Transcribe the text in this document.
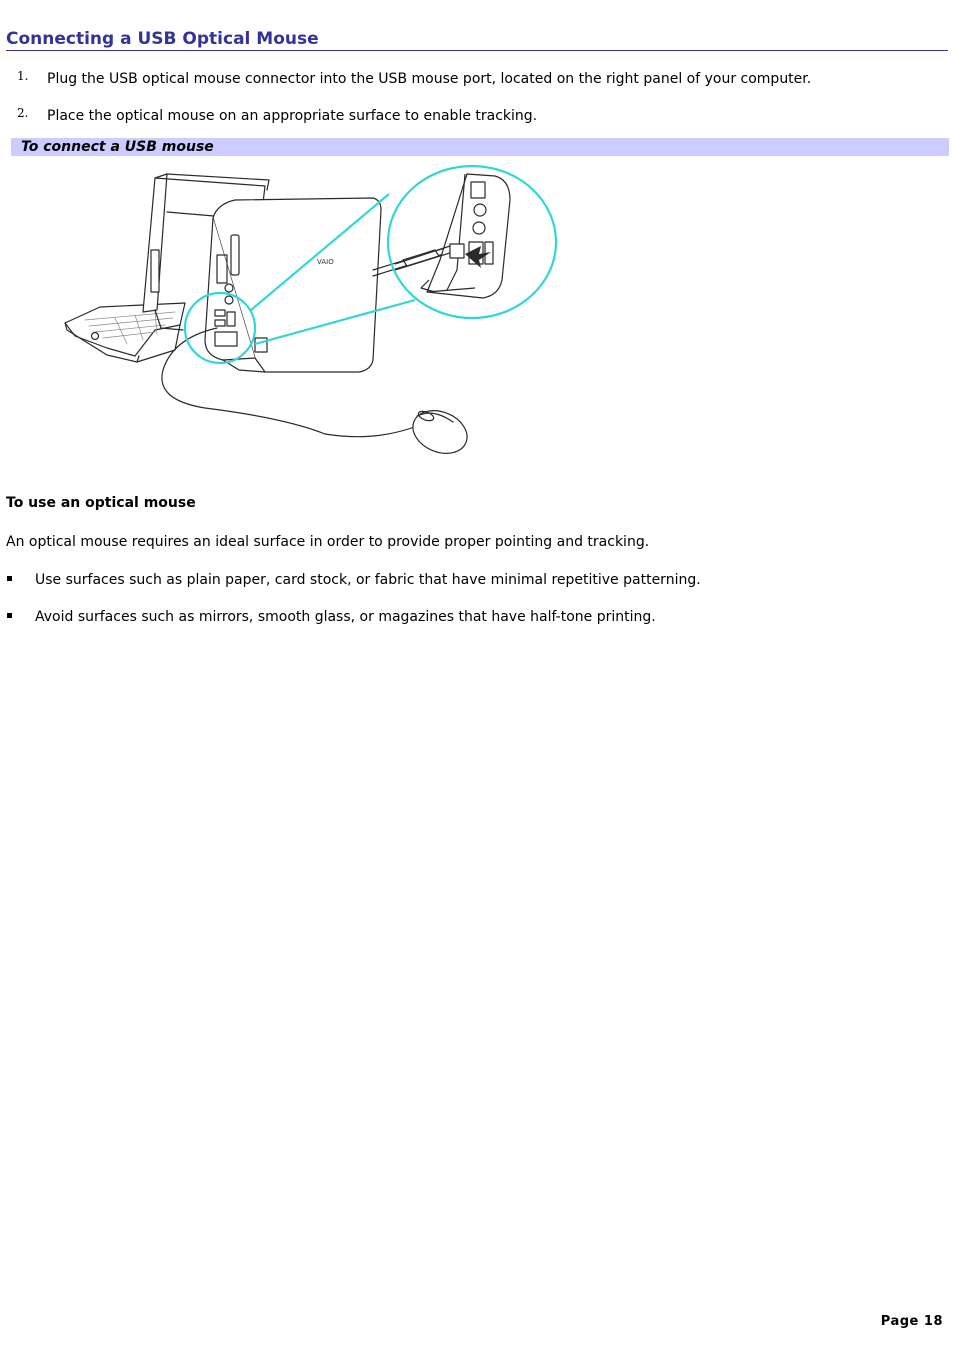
Connecting a USB Optical Mouse
1. Plug the USB optical mouse connector into the USB mouse port, located on the right panel of your computer.
2. Place the optical mouse on an appropriate surface to enable tracking.
To connect a USB mouse
VAIO
To use an optical mouse
An optical mouse requires an ideal surface in order to provide proper pointing and tracking.
Use surfaces such as plain paper, card stock, or fabric that have minimal repetitive patterning.
Avoid surfaces such as mirrors, smooth glass, or magazines that have half-tone printing.
Page 18
